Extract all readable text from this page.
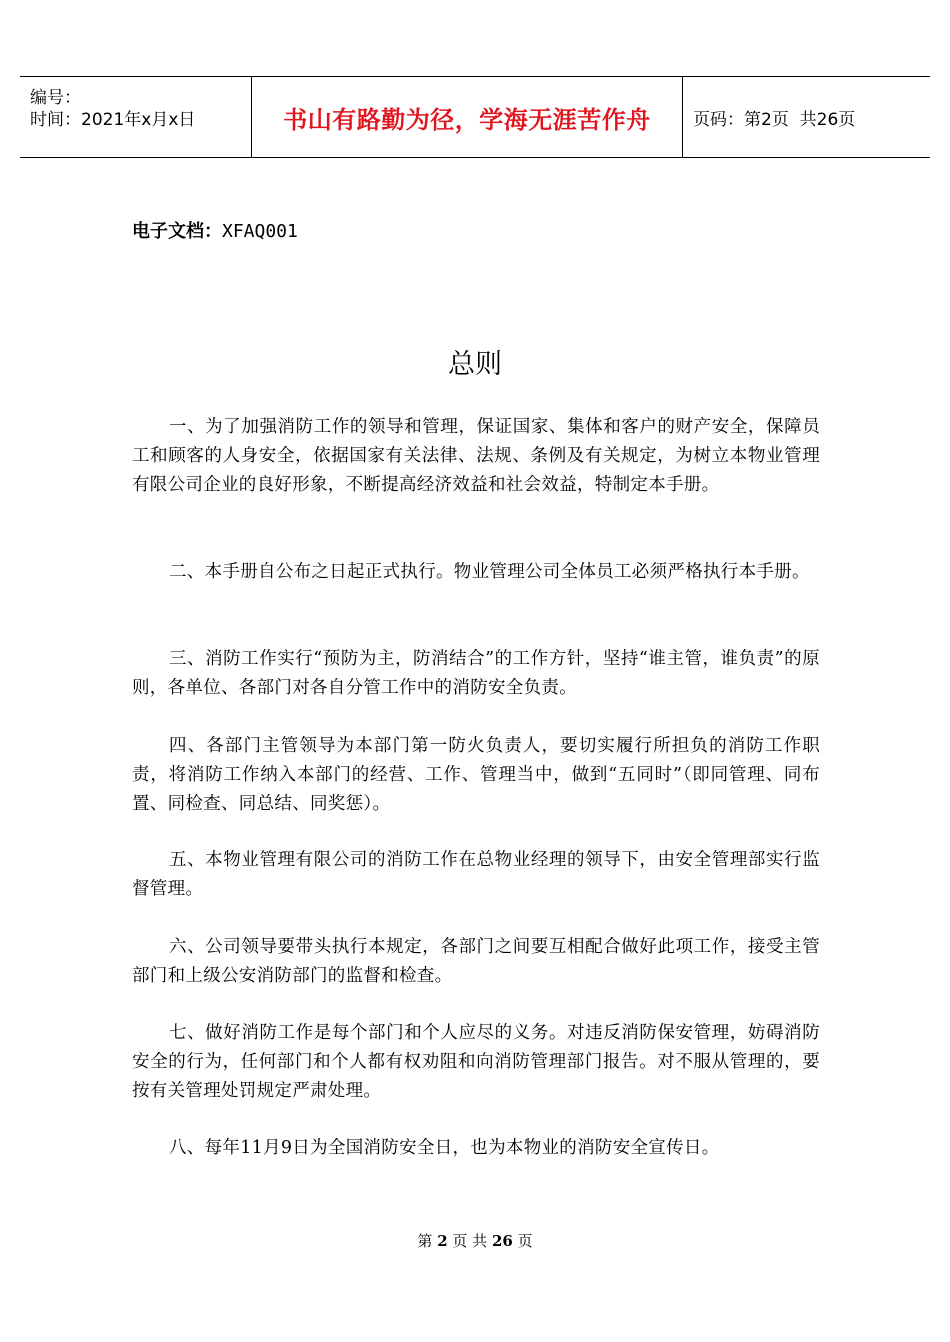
编号：
时间：2021年x月x日	书山有路勤为径，学海无涯苦作舟	页码：第2页  共26页
电子文档：XFAQ001
总则
一、为了加强消防工作的领导和管理，保证国家、集体和客户的财产安全，保障员工和顾客的人身安全，依据国家有关法律、法规、条例及有关规定，为树立本物业管理有限公司企业的良好形象，不断提高经济效益和社会效益，特制定本手册。
二、本手册自公布之日起正式执行。物业管理公司全体员工必须严格执行本手册。
三、消防工作实行“预防为主，防消结合”的工作方针，坚持“谁主管，谁负责”的原则，各单位、各部门对各自分管工作中的消防安全负责。
四、各部门主管领导为本部门第一防火负责人，要切实履行所担负的消防工作职责，将消防工作纳入本部门的经营、工作、管理当中，做到“五同时”（即同管理、同布置、同检查、同总结、同奖惩）。
五、本物业管理有限公司的消防工作在总物业经理的领导下，由安全管理部实行监督管理。
六、公司领导要带头执行本规定，各部门之间要互相配合做好此项工作，接受主管部门和上级公安消防部门的监督和检查。
七、做好消防工作是每个部门和个人应尽的义务。对违反消防保安管理，妨碍消防安全的行为，任何部门和个人都有权劝阻和向消防管理部门报告。对不服从管理的，要按有关管理处罚规定严肃处理。
八、每年11月9日为全国消防安全日，也为本物业的消防安全宣传日。
第 2 页 共 26 页
